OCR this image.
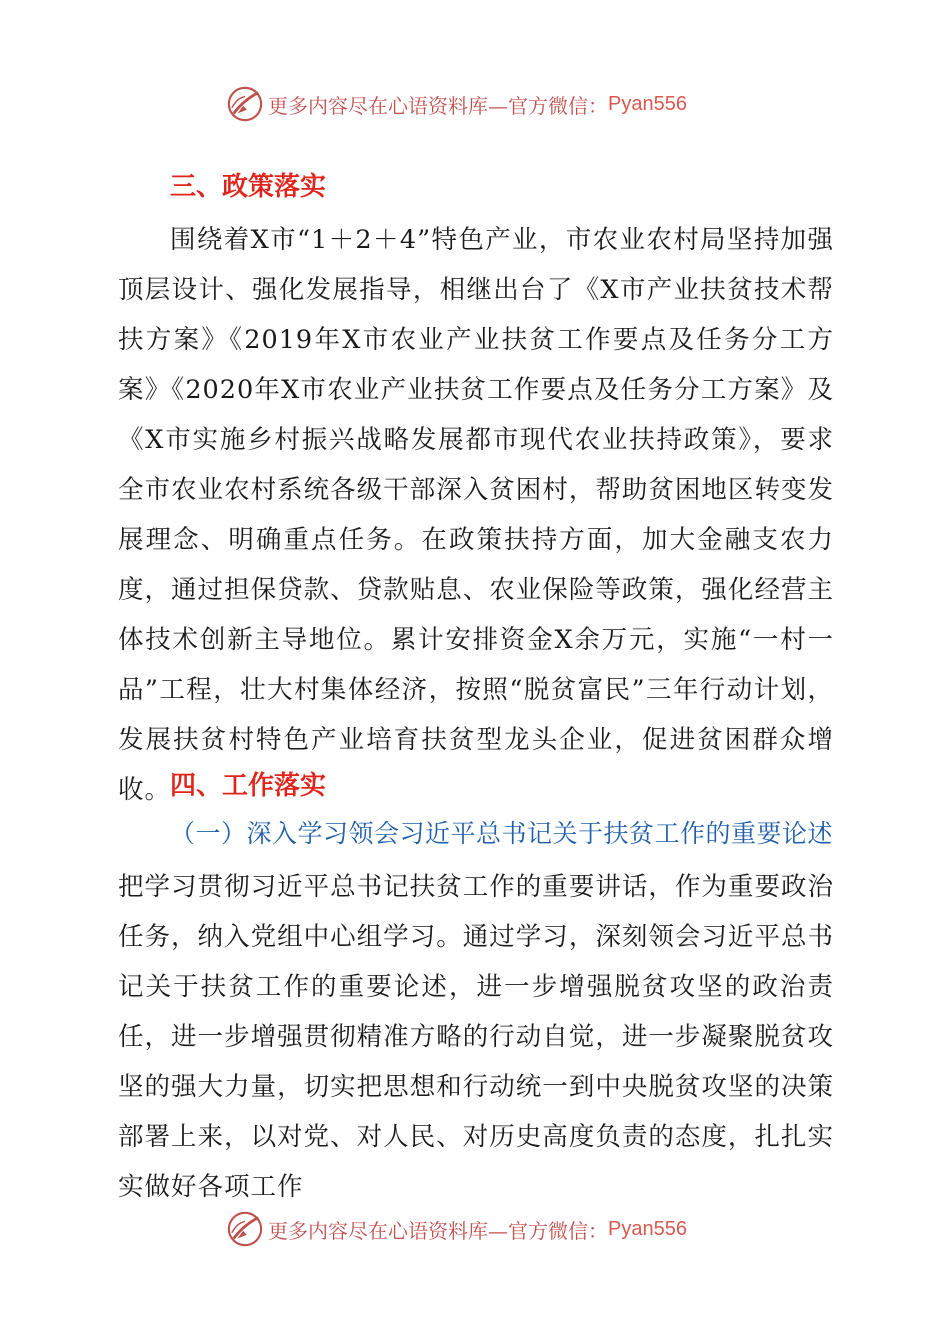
更多内容尽在心语资料库—官方微信： Pyan556
三、政策落实
围绕着X市“1＋2＋4”特色产业，市农业农村局坚持加强顶层设计、强化发展指导，相继出台了《X市产业扶贫技术帮扶方案》《2019年X市农业产业扶贫工作要点及任务分工方案》《2020年X市农业产业扶贫工作要点及任务分工方案》及《X市实施乡村振兴战略发展都市现代农业扶持政策》，要求全市农业农村系统各级干部深入贫困村，帮助贫困地区转变发展理念、明确重点任务。在政策扶持方面，加大金融支农力度，通过担保贷款、贷款贴息、农业保险等政策，强化经营主体技术创新主导地位。累计安排资金X余万元，实施“一村一品”工程，壮大村集体经济，按照“脱贫富民”三年行动计划，发展扶贫村特色产业培育扶贫型龙头企业，促进贫困群众增收。
四、工作落实
（一）深入学习领会习近平总书记关于扶贫工作的重要论述
把学习贯彻习近平总书记扶贫工作的重要讲话，作为重要政治任务，纳入党组中心组学习。通过学习，深刻领会习近平总书记关于扶贫工作的重要论述，进一步增强脱贫攻坚的政治责任，进一步增强贯彻精准方略的行动自觉，进一步凝聚脱贫攻坚的强大力量，切实把思想和行动统一到中央脱贫攻坚的决策部署上来，以对党、对人民、对历史高度负责的态度，扎扎实实做好各项工作
更多内容尽在心语资料库—官方微信： Pyan556
